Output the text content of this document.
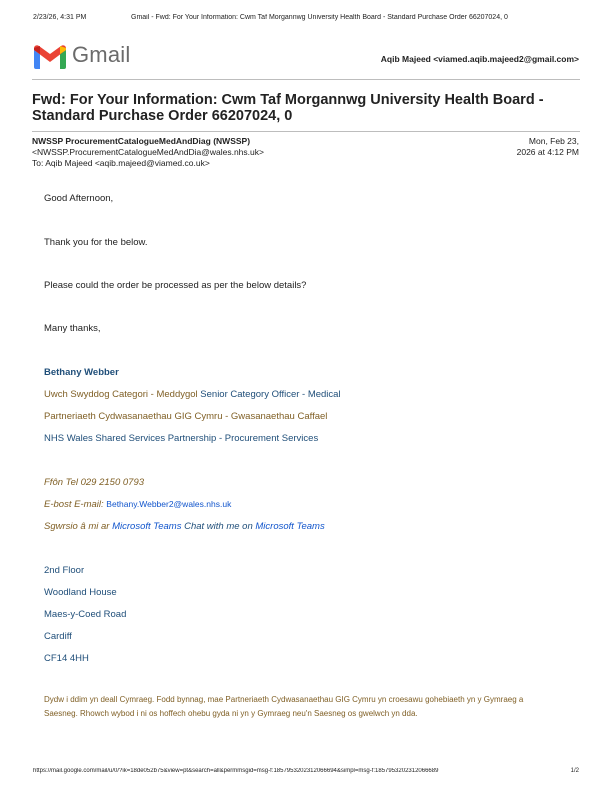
2/23/26, 4:31 PM	Gmail - Fwd: For Your Information: Cwm Taf Morgannwg University Health Board - Standard Purchase Order 66207024, 0
Gmail	Aqib Majeed <viamed.aqib.majeed2@gmail.com>
Fwd: For Your Information: Cwm Taf Morgannwg University Health Board - Standard Purchase Order 66207024, 0
NWSSP ProcurementCatalogueMedAndDiag (NWSSP)
<NWSSP.ProcurementCatalogueMedAndDia@wales.nhs.uk>
To: Aqib Majeed <aqib.majeed@viamed.co.uk>
Mon, Feb 23,
2026 at 4:12 PM
Good Afternoon,
Thank you for the below.
Please could the order be processed as per the below details?
Many thanks,
Bethany Webber
Uwch Swyddog Categori - Meddygol Senior Category Officer - Medical
Partneriaeth Cydwasanaethau GIG Cymru - Gwasanaethau Caffael
NHS Wales Shared Services Partnership - Procurement Services
Ffôn Tel 029 2150 0793
E-bost E-mail: Bethany.Webber2@wales.nhs.uk
Sgwrsio â mi ar Microsoft Teams Chat with me on Microsoft Teams
2nd Floor
Woodland House
Maes-y-Coed Road
Cardiff
CF14 4HH
Dydw i ddim yn deall Cymraeg. Fodd bynnag, mae Partneriaeth Cydwasanaethau GIG Cymru yn croesawu gohebiaeth yn y Gymraeg a
Saesneg. Rhowch wybod i ni os hoffech ohebu gyda ni yn y Gymraeg neu'n Saesneg os gwelwch yn dda.
https://mail.google.com/mail/u/0/?ik=18de052b75&view=pt&search=all&permmsgid=msg-f:1857953202312066694&simpl=msg-f:1857953202312066689	1/2
